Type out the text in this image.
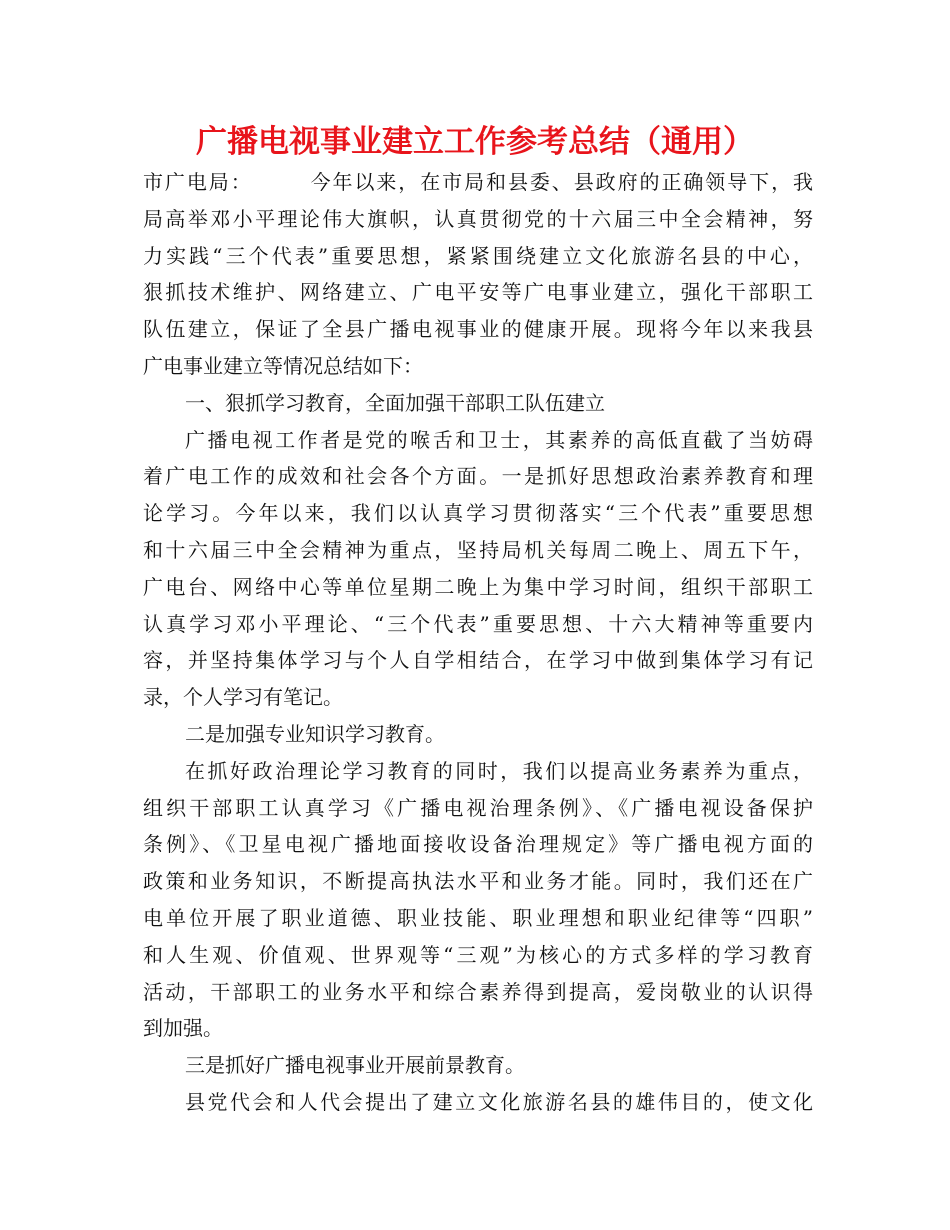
广播电视事业建立工作参考总结（通用）
市广电局：	今年以来，在市局和县委、县政府的正确领导下，我
局高举邓小平理论伟大旗帜，认真贯彻党的十六届三中全会精神，努
力实践“三个代表”重要思想，紧紧围绕建立文化旅游名县的中心，
狠抓技术维护、网络建立、广电平安等广电事业建立，强化干部职工
队伍建立，保证了全县广播电视事业的健康开展。现将今年以来我县
广电事业建立等情况总结如下：
一、狠抓学习教育，全面加强干部职工队伍建立
广播电视工作者是党的喉舌和卫士，其素养的高低直截了当妨碍
着广电工作的成效和社会各个方面。一是抓好思想政治素养教育和理
论学习。今年以来，我们以认真学习贯彻落实“三个代表”重要思想
和十六届三中全会精神为重点，坚持局机关每周二晚上、周五下午，
广电台、网络中心等单位星期二晚上为集中学习时间，组织干部职工
认真学习邓小平理论、“三个代表”重要思想、十六大精神等重要内
容，并坚持集体学习与个人自学相结合，在学习中做到集体学习有记
录，个人学习有笔记。
二是加强专业知识学习教育。
在抓好政治理论学习教育的同时，我们以提高业务素养为重点，
组织干部职工认真学习《广播电视治理条例》、《广播电视设备保护
条例》、《卫星电视广播地面接收设备治理规定》等广播电视方面的
政策和业务知识，不断提高执法水平和业务才能。同时，我们还在广
电单位开展了职业道德、职业技能、职业理想和职业纪律等“四职”
和人生观、价值观、世界观等“三观”为核心的方式多样的学习教育
活动，干部职工的业务水平和综合素养得到提高，爱岗敬业的认识得
到加强。
三是抓好广播电视事业开展前景教育。
县党代会和人代会提出了建立文化旅游名县的雄伟目的，使文化
